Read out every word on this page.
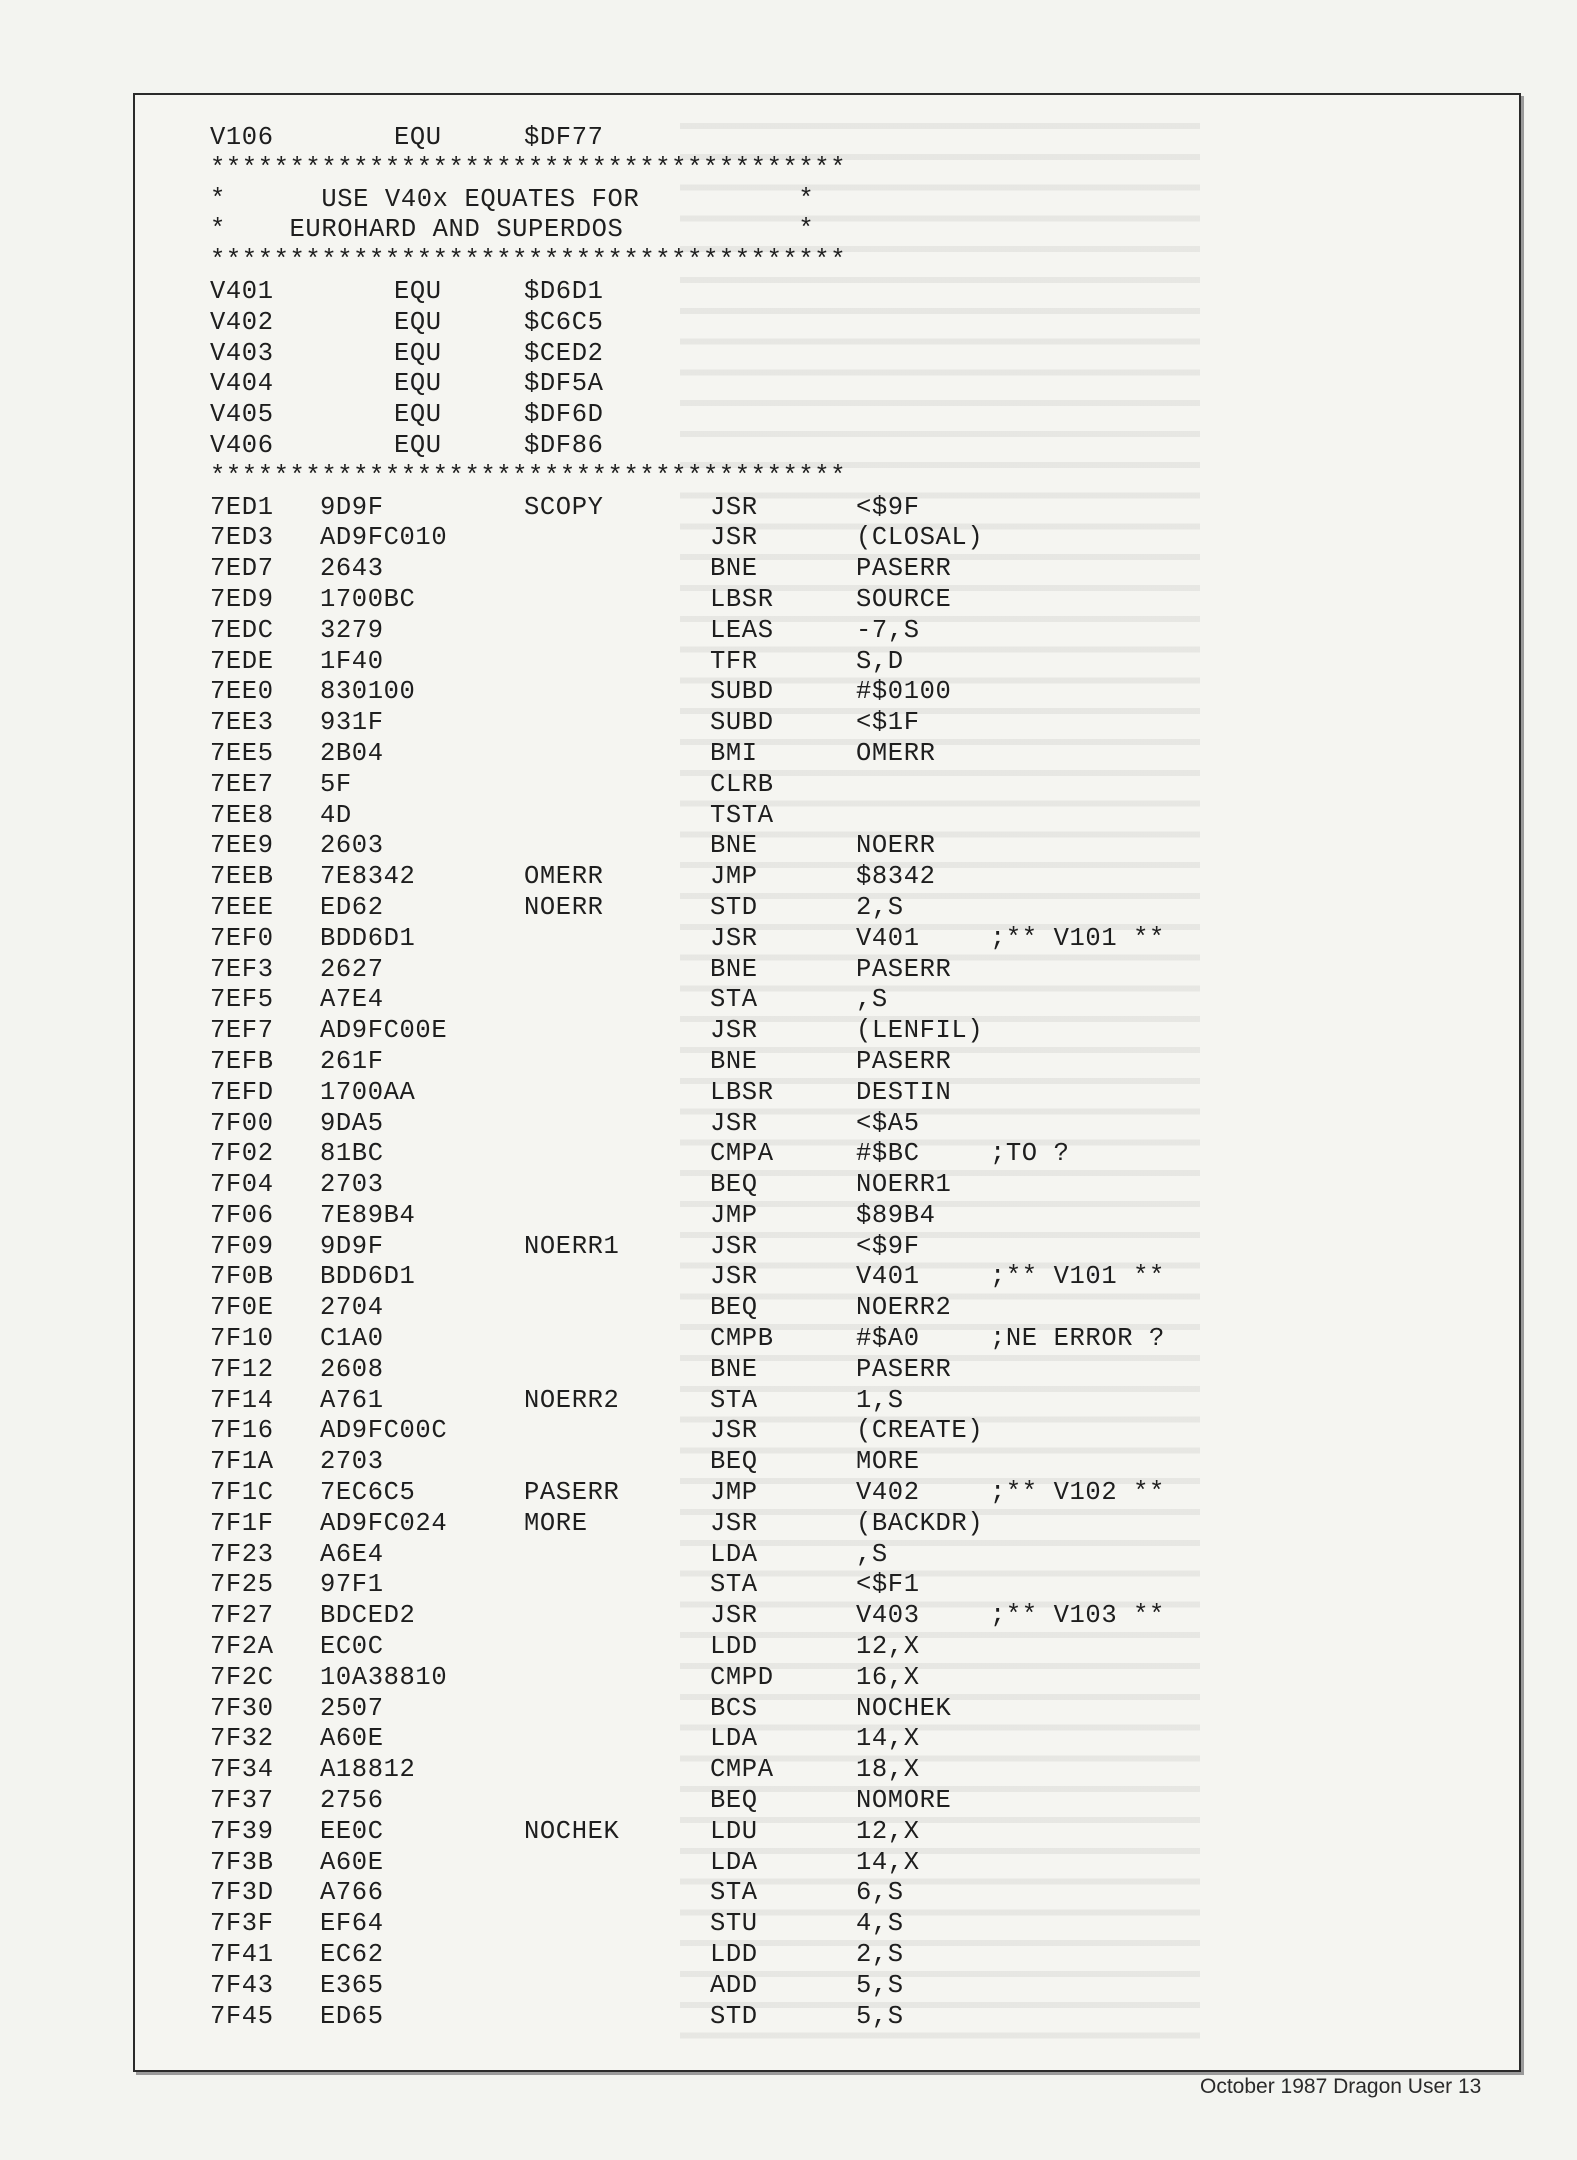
V106	EQU	$DF77
****************************************
*      USE V40x EQUATES FOR          *
*    EUROHARD AND SUPERDOS           *
****************************************
V401	EQU	$D6D1
V402	EQU	$C6C5
V403	EQU	$CED2
V404	EQU	$DF5A
V405	EQU	$DF6D
V406	EQU	$DF86
****************************************
7ED1 9D9F	SCOPY	JSR	<$9F
7ED3 AD9FC010	JSR	(CLOSAL)
7ED7 2643	BNE	PASERR
7ED9 1700BC	LBSR	SOURCE
7EDC 3279	LEAS	-7,S
7EDE 1F40	TFR	S,D
7EE0 830100	SUBD	#$0100
7EE3 931F	SUBD	<$1F
7EE5 2B04	BMI	OMERR
7EE7 5F	CLRB
7EE8 4D	TSTA
7EE9 2603	BNE	NOERR
7EEB 7E8342	OMERR	JMP	$8342
7EEE ED62	NOERR	STD	2,S
7EF0 BDD6D1	JSR	V401	;** V101 **
7EF3 2627	BNE	PASERR
7EF5 A7E4	STA	,S
7EF7 AD9FC00E	JSR	(LENFIL)
7EFB 261F	BNE	PASERR
7EFD 1700AA	LBSR	DESTIN
7F00 9DA5	JSR	<$A5
7F02 81BC	CMPA	#$BC	;TO ?
7F04 2703	BEQ	NOERR1
7F06 7E89B4	JMP	$89B4
7F09 9D9F	NOERR1	JSR	<$9F
7F0B BDD6D1	JSR	V401	;** V101 **
7F0E 2704	BEQ	NOERR2
7F10 C1A0	CMPB	#$A0	;NE ERROR ?
7F12 2608	BNE	PASERR
7F14 A761	NOERR2	STA	1,S
7F16 AD9FC00C	JSR	(CREATE)
7F1A 2703	BEQ	MORE
7F1C 7EC6C5	PASERR	JMP	V402	;** V102 **
7F1F AD9FC024	MORE	JSR	(BACKDR)
7F23 A6E4	LDA	,S
7F25 97F1	STA	<$F1
7F27 BDCED2	JSR	V403	;** V103 **
7F2A EC0C	LDD	12,X
7F2C 10A38810	CMPD	16,X
7F30 2507	BCS	NOCHEK
7F32 A60E	LDA	14,X
7F34 A18812	CMPA	18,X
7F37 2756	BEQ	NOMORE
7F39 EE0C	NOCHEK	LDU	12,X
7F3B A60E	LDA	14,X
7F3D A766	STA	6,S
7F3F EF64	STU	4,S
7F41 EC62	LDD	2,S
7F43 E365	ADD	5,S
7F45 ED65	STD	5,S
October 1987 Dragon User 13
